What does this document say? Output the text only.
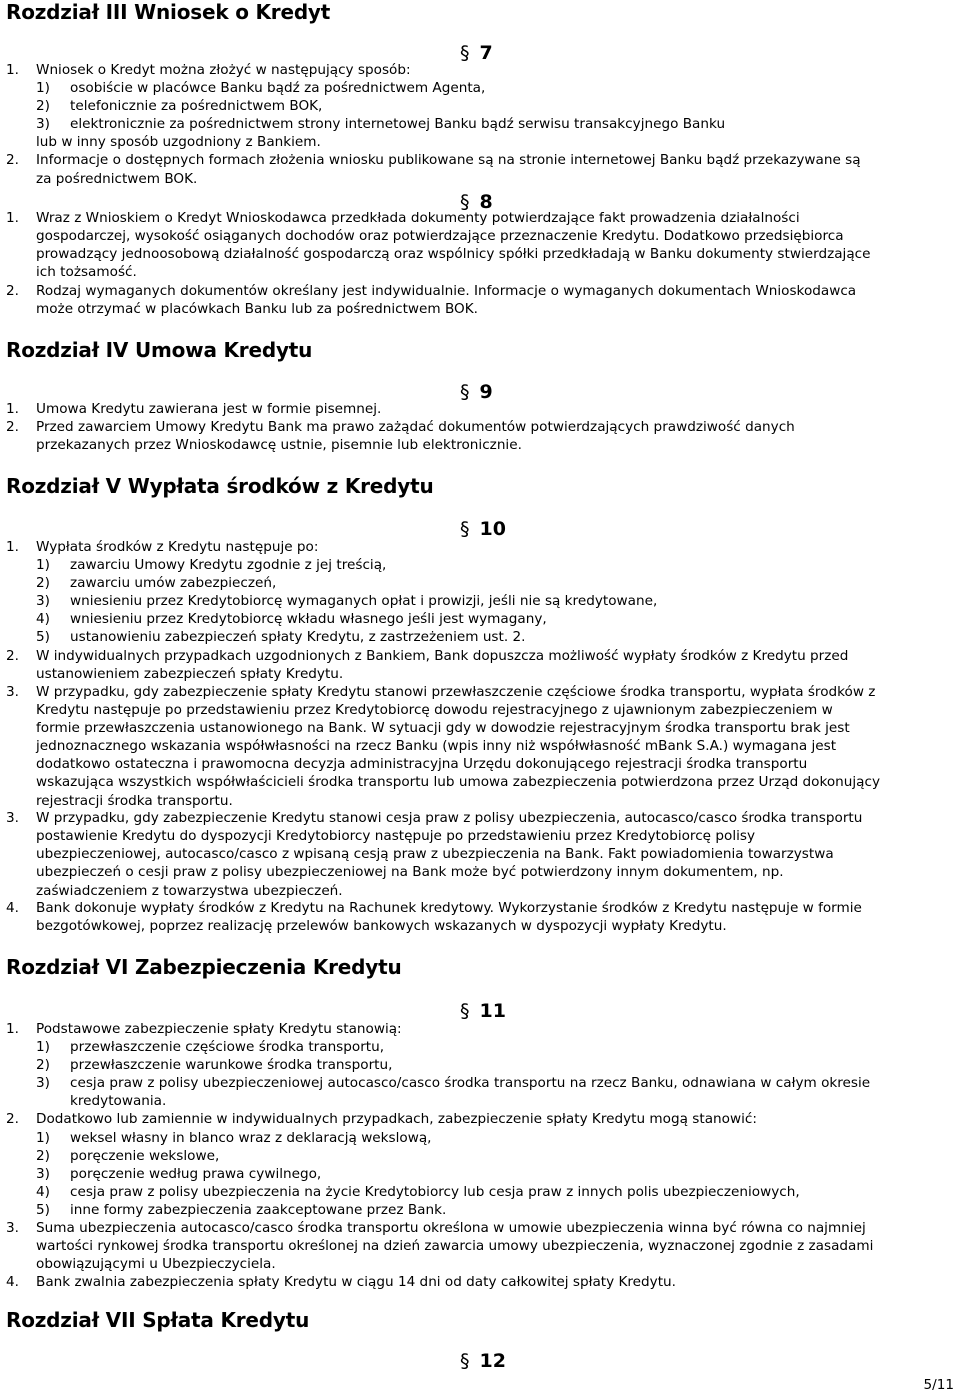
Rozdział III Wniosek o Kredyt
§ 7
1. Wniosek o Kredyt można złożyć w następujący sposób:
1) osobiście w placówce Banku bądź za pośrednictwem Agenta,
2) telefonicznie za pośrednictwem BOK,
3) elektronicznie za pośrednictwem strony internetowej Banku bądź serwisu transakcyjnego Banku
lub w inny sposób uzgodniony z Bankiem.
2. Informacje o dostępnych formach złożenia wniosku publikowane są na stronie internetowej Banku bądź przekazywane są
za pośrednictwem BOK.
§ 8
1. Wraz z Wnioskiem o Kredyt Wnioskodawca przedkłada dokumenty potwierdzające fakt prowadzenia działalności
gospodarczej, wysokość osiąganych dochodów oraz potwierdzające przeznaczenie Kredytu. Dodatkowo przedsiębiorca
prowadzący jednoosobową działalność gospodarczą oraz wspólnicy spółki przedkładają w Banku dokumenty stwierdzające
ich tożsamość.
2. Rodzaj wymaganych dokumentów określany jest indywidualnie. Informacje o wymaganych dokumentach Wnioskodawca
może otrzymać w placówkach Banku lub za pośrednictwem BOK.
Rozdział IV Umowa Kredytu
§ 9
1. Umowa Kredytu zawierana jest w formie pisemnej.
2. Przed zawarciem Umowy Kredytu Bank ma prawo zażądać dokumentów potwierdzających prawdziwość danych
przekazanych przez Wnioskodawcę ustnie, pisemnie lub elektronicznie.
Rozdział V Wypłata środków z Kredytu
§ 10
1. Wypłata środków z Kredytu następuje po:
1) zawarciu Umowy Kredytu zgodnie z jej treścią,
2) zawarciu umów zabezpieczeń,
3) wniesieniu przez Kredytobiorcę wymaganych opłat i prowizji, jeśli nie są kredytowane,
4) wniesieniu przez Kredytobiorcę wkładu własnego jeśli jest wymagany,
5) ustanowieniu zabezpieczeń spłaty Kredytu, z zastrzeżeniem ust. 2.
2. W indywidualnych przypadkach uzgodnionych z Bankiem, Bank dopuszcza możliwość wypłaty środków z Kredytu przed
ustanowieniem zabezpieczeń spłaty Kredytu.
3. W przypadku, gdy zabezpieczenie spłaty Kredytu stanowi przewłaszczenie częściowe środka transportu, wypłata środków z
Kredytu następuje po przedstawieniu przez Kredytobiorcę dowodu rejestracyjnego z ujawnionym zabezpieczeniem w
formie przewłaszczenia ustanowionego na Bank. W sytuacji gdy w dowodzie rejestracyjnym środka transportu brak jest
jednoznacznego wskazania współwłasności na rzecz Banku (wpis inny niż współwłasność mBank S.A.) wymagana jest
dodatkowo ostateczna i prawomocna decyzja administracyjna Urzędu dokonującego rejestracji środka transportu
wskazująca wszystkich współwłaścicieli środka transportu lub umowa zabezpieczenia potwierdzona przez Urząd dokonujący
rejestracji środka transportu.
3. W przypadku, gdy zabezpieczenie Kredytu stanowi cesja praw z polisy ubezpieczenia, autocasco/casco środka transportu
postawienie Kredytu do dyspozycji Kredytobiorcy następuje po przedstawieniu przez Kredytobiorcę polisy
ubezpieczeniowej, autocasco/casco z wpisaną cesją praw z ubezpieczenia na Bank. Fakt powiadomienia towarzystwa
ubezpieczeń o cesji praw z polisy ubezpieczeniowej na Bank może być potwierdzony innym dokumentem, np.
zaświadczeniem z towarzystwa ubezpieczeń.
4. Bank dokonuje wypłaty środków z Kredytu na Rachunek kredytowy. Wykorzystanie środków z Kredytu następuje w formie
bezgotówkowej, poprzez realizację przelewów bankowych wskazanych w dyspozycji wypłaty Kredytu.
Rozdział VI Zabezpieczenia Kredytu
§ 11
1. Podstawowe zabezpieczenie spłaty Kredytu stanowią:
1) przewłaszczenie częściowe środka transportu,
2) przewłaszczenie warunkowe środka transportu,
3) cesja praw z polisy ubezpieczeniowej autocasco/casco środka transportu na rzecz Banku, odnawiana w całym okresie
kredytowania.
2. Dodatkowo lub zamiennie w indywidualnych przypadkach, zabezpieczenie spłaty Kredytu mogą stanowić:
1) weksel własny in blanco wraz z deklaracją wekslową,
2) poręczenie wekslowe,
3) poręczenie według prawa cywilnego,
4) cesja praw z polisy ubezpieczenia na życie Kredytobiorcy lub cesja praw z innych polis ubezpieczeniowych,
5) inne formy zabezpieczenia zaakceptowane przez Bank.
3. Suma ubezpieczenia autocasco/casco środka transportu określona w umowie ubezpieczenia winna być równa co najmniej
wartości rynkowej środka transportu określonej na dzień zawarcia umowy ubezpieczenia, wyznaczonej zgodnie z zasadami
obowiązującymi u Ubezpieczyciela.
4. Bank zwalnia zabezpieczenia spłaty Kredytu w ciągu 14 dni od daty całkowitej spłaty Kredytu.
Rozdział VII Spłata Kredytu
§ 12
5/11
